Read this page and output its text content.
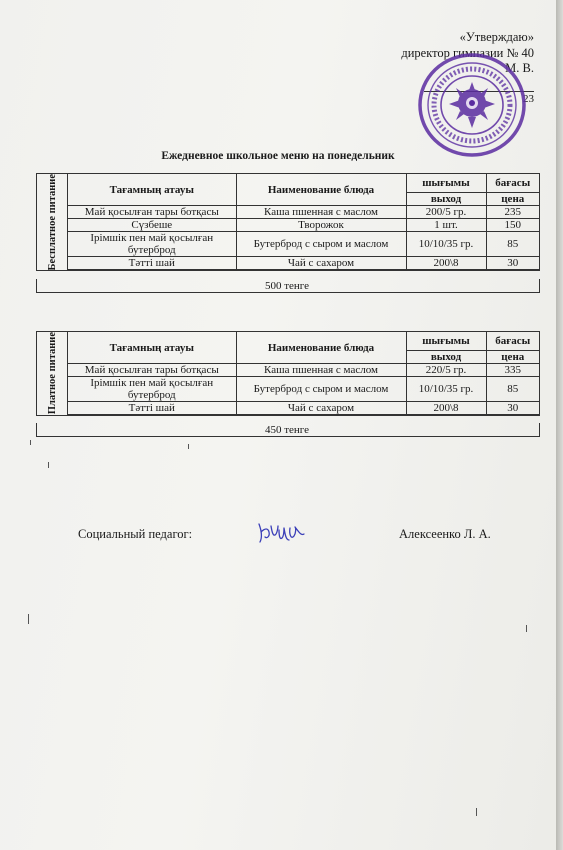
«Утверждаю»
директор гимназии № 40
М. В.
23
Ежедневное школьное меню на понедельник
Бесплатное питание	Тағамның атауы	Наименование блюда	шығымы	бағасы
		выход	цена
Май қосылған тары ботқасы	Каша пшенная с маслом	200/5 гр.	235
Сүзбеше	Творожок	1 шт.	150
Ірімшік пен май қосылған бутерброд	Бутерброд с сыром и маслом	10/10/35 гр.	85
Тәтті шай	Чай с сахаром	200\8	30
500 тенге
Платное питание	Тағамның атауы	Наименование блюда	шығымы	бағасы
		выход	цена
Май қосылған тары ботқасы	Каша пшенная с маслом	220/5 гр.	335
Ірімшік пен май қосылған бутерброд	Бутерброд с сыром и маслом	10/10/35 гр.	85
Тәтті шай	Чай с сахаром	200\8	30
450 тенге
Социальный педагог:	Алексеенко Л. А.
